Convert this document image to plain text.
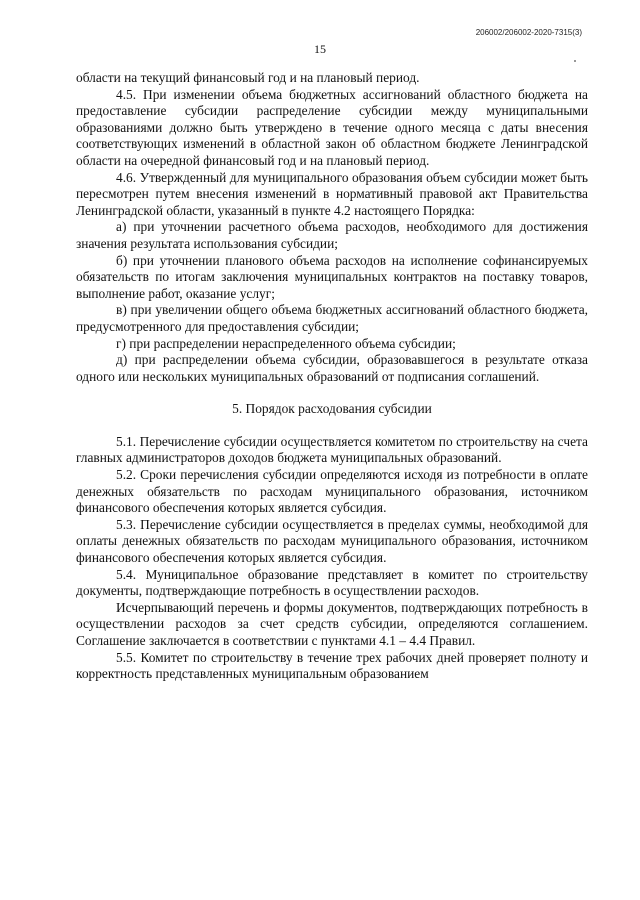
206002/206002-2020-7315(3)
15

области на текущий финансовый год и на плановый период.

4.5. При изменении объема бюджетных ассигнований областного бюджета на предоставление субсидии распределение субсидии между муниципальными образованиями должно быть утверждено в течение одного месяца с даты внесения соответствующих изменений в областной закон об областном бюджете Ленинградской области на очередной финансовый год и на плановый период.

4.6. Утвержденный для муниципального образования объем субсидии может быть пересмотрен путем внесения изменений в нормативный правовой акт Правительства Ленинградской области, указанный в пункте 4.2 настоящего Порядка:

а) при уточнении расчетного объема расходов, необходимого для достижения значения результата использования субсидии;

б) при уточнении планового объема расходов на исполнение софинансируемых обязательств по итогам заключения муниципальных контрактов на поставку товаров, выполнение работ, оказание услуг;

в) при увеличении общего объема бюджетных ассигнований областного бюджета, предусмотренного для предоставления субсидии;

г) при распределении нераспределенного объема субсидии;

д) при распределении объема субсидии, образовавшегося в результате отказа одного или нескольких муниципальных образований от подписания соглашений.

5. Порядок расходования субсидии

5.1. Перечисление субсидии осуществляется комитетом по строительству на счета главных администраторов доходов бюджета муниципальных образований.

5.2. Сроки перечисления субсидии определяются исходя из потребности в оплате денежных обязательств по расходам муниципального образования, источником финансового обеспечения которых является субсидия.

5.3. Перечисление субсидии осуществляется в пределах суммы, необходимой для оплаты денежных обязательств по расходам муниципального образования, источником финансового обеспечения которых является субсидия.

5.4. Муниципальное образование представляет в комитет по строительству документы, подтверждающие потребность в осуществлении расходов.

Исчерпывающий перечень и формы документов, подтверждающих потребность в осуществлении расходов за счет средств субсидии, определяются соглашением. Соглашение заключается в соответствии с пунктами 4.1 – 4.4 Правил.

5.5. Комитет по строительству в течение трех рабочих дней проверяет полноту и корректность представленных муниципальным образованием
